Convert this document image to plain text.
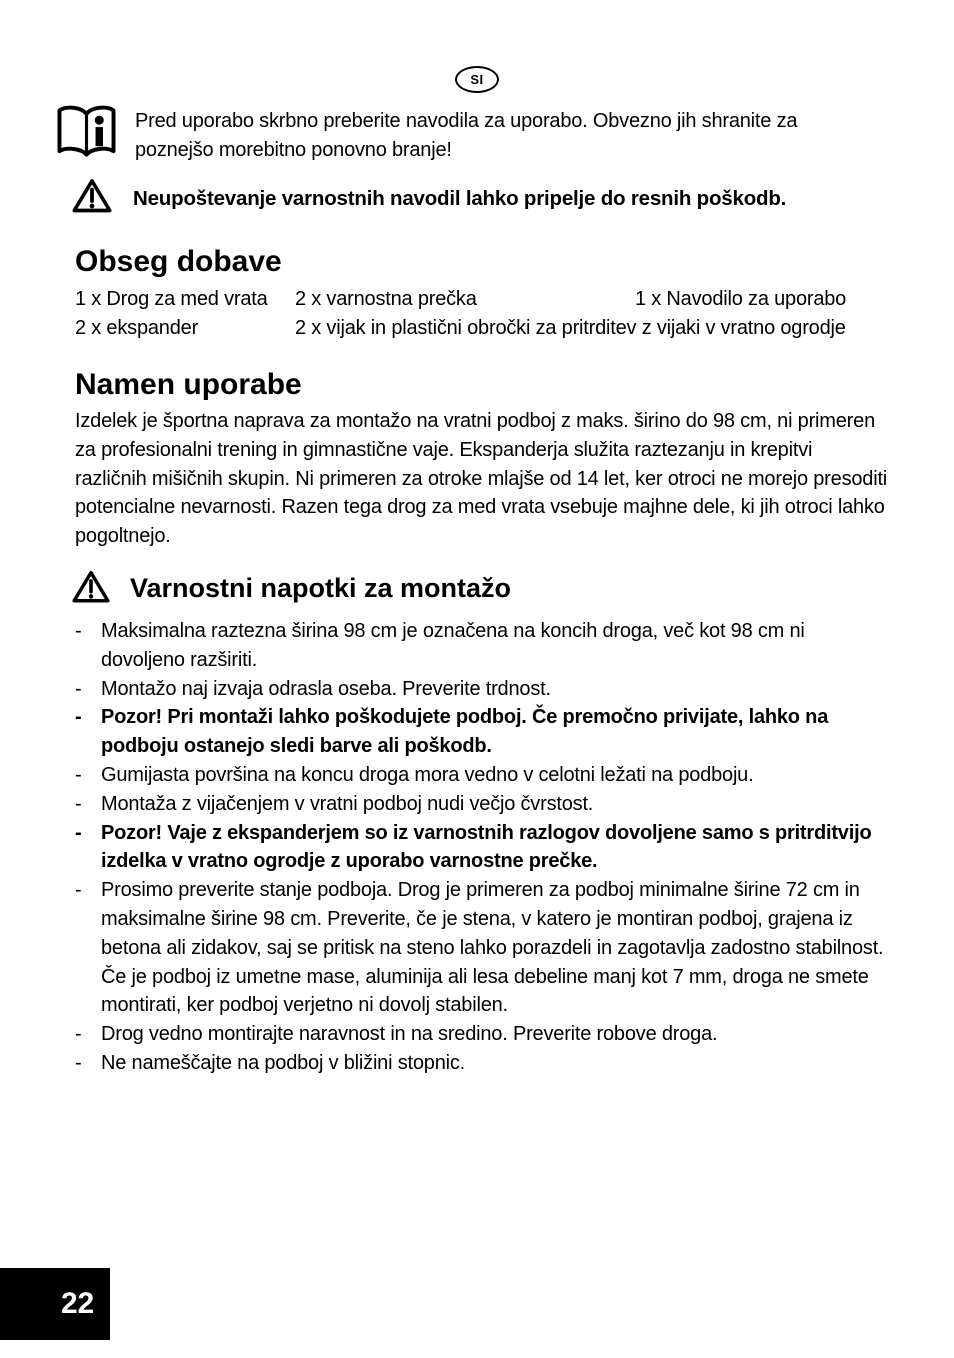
SI
Pred uporabo skrbno preberite navodila za uporabo. Obvezno jih shranite za poznejšo morebitno ponovno branje!
Neupoštevanje varnostnih navodil lahko pripelje do resnih poškodb.
Obseg dobave
1 x Drog za med vrata	2 x varnostna prečka	1 x Navodilo za uporabo
2 x ekspander	2 x vijak in plastični obročki za pritrditev z vijaki v vratno ogrodje
Namen uporabe

Izdelek je športna naprava za montažo na vratni podboj z maks. širino do 98 cm, ni primeren za profesionalni trening in gimnastične vaje. Ekspanderja služita raztezanju in krepitvi različnih mišičnih skupin. Ni primeren za otroke mlajše od 14 let, ker otroci ne morejo presoditi potencialne nevarnosti. Razen tega drog za med vrata vsebuje majhne dele, ki jih otroci lahko pogoltnejo.

Varnostni napotki za montažo
- Maksimalna raztezna širina 98 cm je označena na koncih droga, več kot 98 cm ni dovoljeno razširiti.
- Montažo naj izvaja odrasla oseba. Preverite trdnost.
- Pozor! Pri montaži lahko poškodujete podboj. Če premočno privijate, lahko na podboju ostanejo sledi barve ali poškodb.
- Gumijasta površina na koncu droga mora vedno v celotni ležati na podboju.
- Montaža z vijačenjem v vratni podboj nudi večjo čvrstost.
- Pozor! Vaje z ekspanderjem so iz varnostnih razlogov dovoljene samo s pritrditvijo izdelka v vratno ogrodje z uporabo varnostne prečke.
- Prosimo preverite stanje podboja. Drog je primeren za podboj minimalne širine 72 cm in maksimalne širine 98 cm. Preverite, če je stena, v katero je montiran podboj, grajena iz betona ali zidakov, saj se pritisk na steno lahko porazdeli in zagotavlja zadostno stabilnost. Če je podboj iz umetne mase, aluminija ali lesa debeline manj kot 7 mm, droga ne smete montirati, ker podboj verjetno ni dovolj stabilen.
- Drog vedno montirajte naravnost in na sredino. Preverite robove droga.
- Ne nameščajte na podboj v bližini stopnic.
22
